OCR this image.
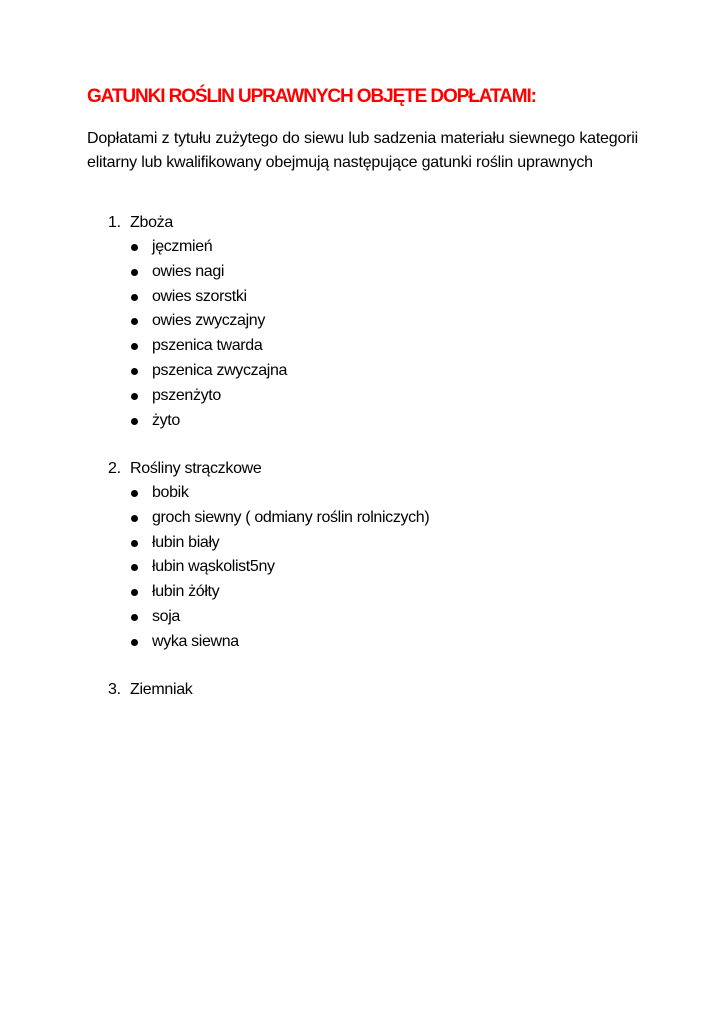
GATUNKI ROŚLIN UPRAWNYCH OBJĘTE DOPŁATAMI:

Dopłatami z tytułu zużytego do siewu lub sadzenia materiału siewnego kategorii elitarny lub kwalifikowany obejmują następujące gatunki roślin uprawnych

1. Zboża
jęczmień
owies nagi
owies szorstki
owies zwyczajny
pszenica twarda
pszenica zwyczajna
pszenżyto
żyto
2. Rośliny strączkowe
bobik
groch siewny ( odmiany roślin rolniczych)
łubin biały
łubin wąskolist5ny
łubin żółty
soja
wyka siewna
3. Ziemniak
